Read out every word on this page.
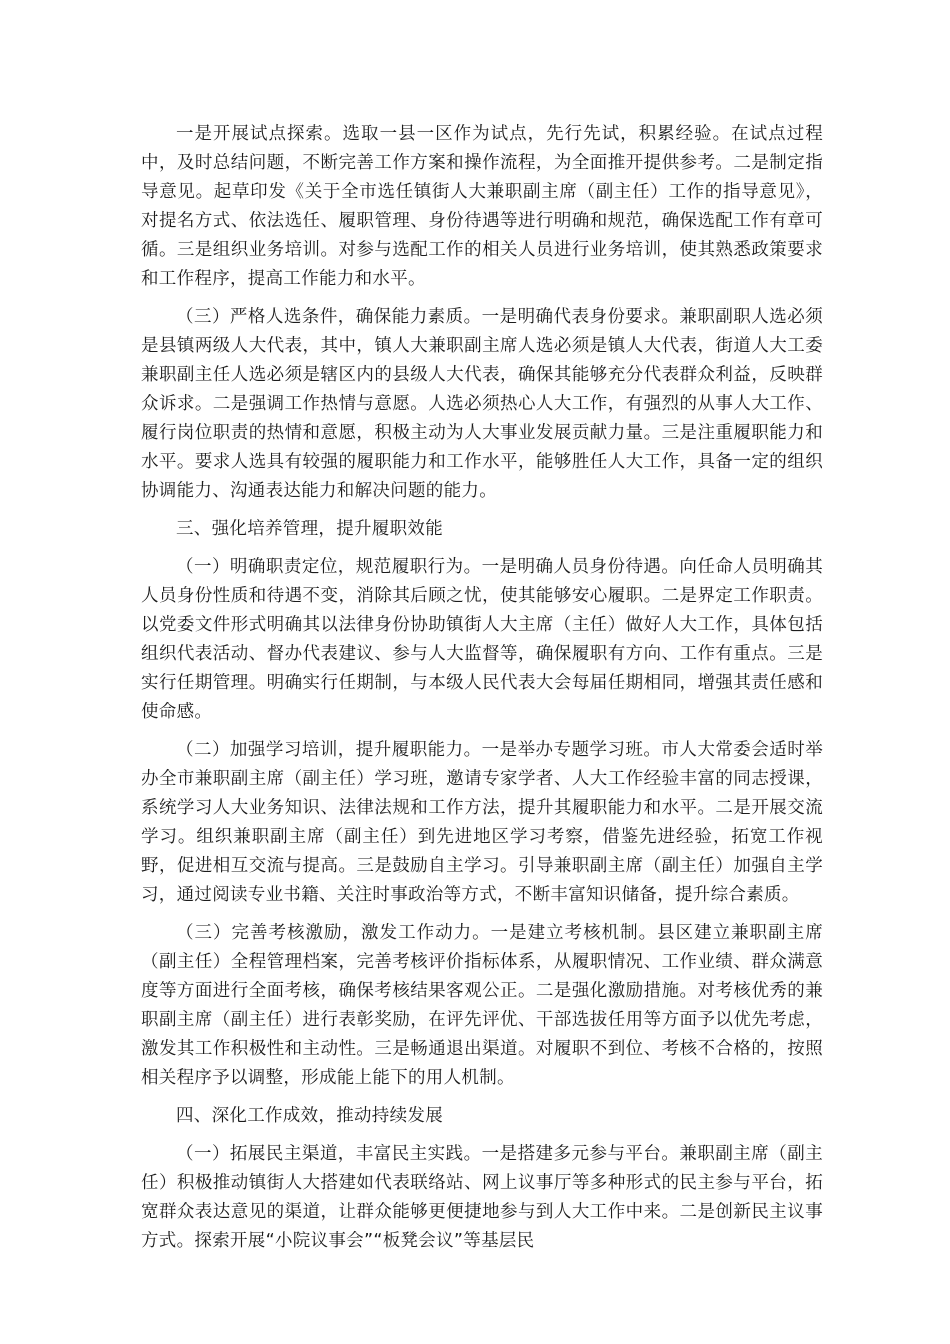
一是开展试点探索。选取一县一区作为试点，先行先试，积累经验。在试点过程中，及时总结问题，不断完善工作方案和操作流程，为全面推开提供参考。二是制定指导意见。起草印发《关于全市选任镇街人大兼职副主席（副主任）工作的指导意见》，对提名方式、依法选任、履职管理、身份待遇等进行明确和规范，确保选配工作有章可循。三是组织业务培训。对参与选配工作的相关人员进行业务培训，使其熟悉政策要求和工作程序，提高工作能力和水平。

（三）严格人选条件，确保能力素质。一是明确代表身份要求。兼职副职人选必须是县镇两级人大代表，其中，镇人大兼职副主席人选必须是镇人大代表，街道人大工委兼职副主任人选必须是辖区内的县级人大代表，确保其能够充分代表群众利益，反映群众诉求。二是强调工作热情与意愿。人选必须热心人大工作，有强烈的从事人大工作、履行岗位职责的热情和意愿，积极主动为人大事业发展贡献力量。三是注重履职能力和水平。要求人选具有较强的履职能力和工作水平，能够胜任人大工作，具备一定的组织协调能力、沟通表达能力和解决问题的能力。

三、强化培养管理，提升履职效能

（一）明确职责定位，规范履职行为。一是明确人员身份待遇。向任命人员明确其人员身份性质和待遇不变，消除其后顾之忧，使其能够安心履职。二是界定工作职责。以党委文件形式明确其以法律身份协助镇街人大主席（主任）做好人大工作，具体包括组织代表活动、督办代表建议、参与人大监督等，确保履职有方向、工作有重点。三是实行任期管理。明确实行任期制，与本级人民代表大会每届任期相同，增强其责任感和使命感。

（二）加强学习培训，提升履职能力。一是举办专题学习班。市人大常委会适时举办全市兼职副主席（副主任）学习班，邀请专家学者、人大工作经验丰富的同志授课，系统学习人大业务知识、法律法规和工作方法，提升其履职能力和水平。二是开展交流学习。组织兼职副主席（副主任）到先进地区学习考察，借鉴先进经验，拓宽工作视野，促进相互交流与提高。三是鼓励自主学习。引导兼职副主席（副主任）加强自主学习，通过阅读专业书籍、关注时事政治等方式，不断丰富知识储备，提升综合素质。

（三）完善考核激励，激发工作动力。一是建立考核机制。县区建立兼职副主席（副主任）全程管理档案，完善考核评价指标体系，从履职情况、工作业绩、群众满意度等方面进行全面考核，确保考核结果客观公正。二是强化激励措施。对考核优秀的兼职副主席（副主任）进行表彰奖励，在评先评优、干部选拔任用等方面予以优先考虑，激发其工作积极性和主动性。三是畅通退出渠道。对履职不到位、考核不合格的，按照相关程序予以调整，形成能上能下的用人机制。

四、深化工作成效，推动持续发展

（一）拓展民主渠道，丰富民主实践。一是搭建多元参与平台。兼职副主席（副主任）积极推动镇街人大搭建如代表联络站、网上议事厅等多种形式的民主参与平台，拓宽群众表达意见的渠道，让群众能够更便捷地参与到人大工作中来。二是创新民主议事方式。探索开展“小院议事会”“板凳会议”等基层民
